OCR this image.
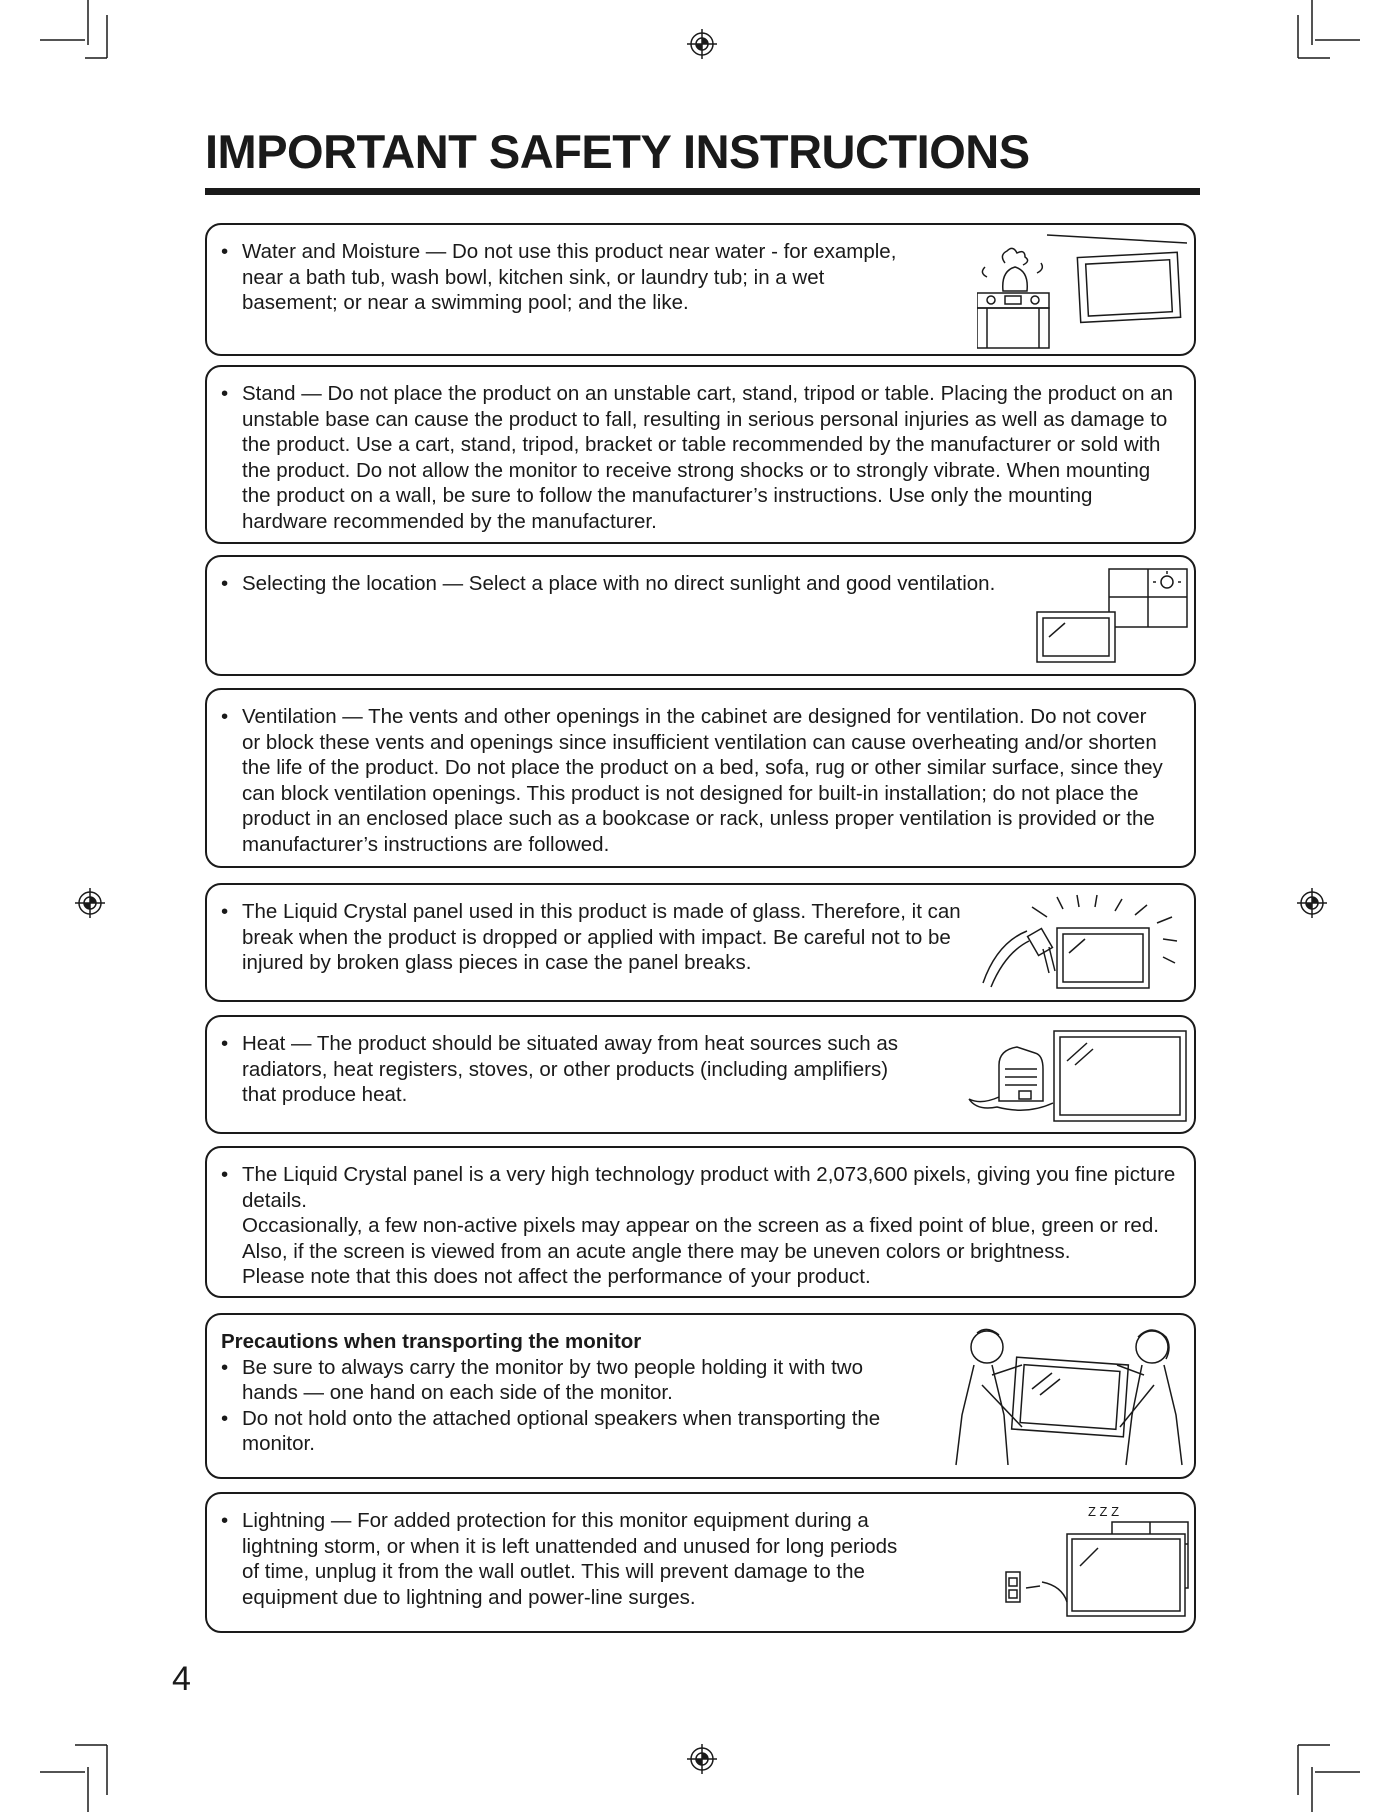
IMPORTANT SAFETY INSTRUCTIONS
• Water and Moisture — Do not use this product near water - for example,
near a bath tub, wash bowl, kitchen sink, or laundry tub; in a wet
basement; or near a swimming pool; and the like.
• Stand — Do not place the product on an unstable cart, stand, tripod or table. Placing the product on an
unstable base can cause the product to fall, resulting in serious personal injuries as well as damage to
the product. Use a cart, stand, tripod, bracket or table recommended by the manufacturer or sold with
the product. Do not allow the monitor to receive strong shocks or to strongly vibrate. When mounting
the product on a wall, be sure to follow the manufacturer’s instructions. Use only the mounting
hardware recommended by the manufacturer.
• Selecting the location — Select a place with no direct sunlight and good ventilation.
• Ventilation — The vents and other openings in the cabinet are designed for ventilation. Do not cover
or block these vents and openings since insufficient ventilation can cause overheating and/or shorten
the life of the product. Do not place the product on a bed, sofa, rug or other similar surface, since they
can block ventilation openings. This product is not designed for built-in installation; do not place the
product in an enclosed place such as a bookcase or rack, unless proper ventilation is provided or the
manufacturer’s instructions are followed.
• The Liquid Crystal panel used in this product is made of glass. Therefore, it can
break when the product is dropped or applied with impact. Be careful not to be
injured by broken glass pieces in case the panel breaks.
• Heat — The product should be situated away from heat sources such as
radiators, heat registers, stoves, or other products (including amplifiers)
that produce heat.
• The Liquid Crystal panel is a very high technology product with 2,073,600 pixels, giving you fine picture
details.
Occasionally, a few non-active pixels may appear on the screen as a fixed point of blue, green or red.
Also, if the screen is viewed from an acute angle there may be uneven colors or brightness.
Please note that this does not affect the performance of your product.
Precautions when transporting the monitor
• Be sure to always carry the monitor by two people holding it with two
hands — one hand on each side of the monitor.
• Do not hold onto the attached optional speakers when transporting the
monitor.
• Lightning — For added protection for this monitor equipment during a
lightning storm, or when it is left unattended and unused for long periods
of time, unplug it from the wall outlet. This will prevent damage to the
equipment due to lightning and power-line surges.
Z Z Z
4
